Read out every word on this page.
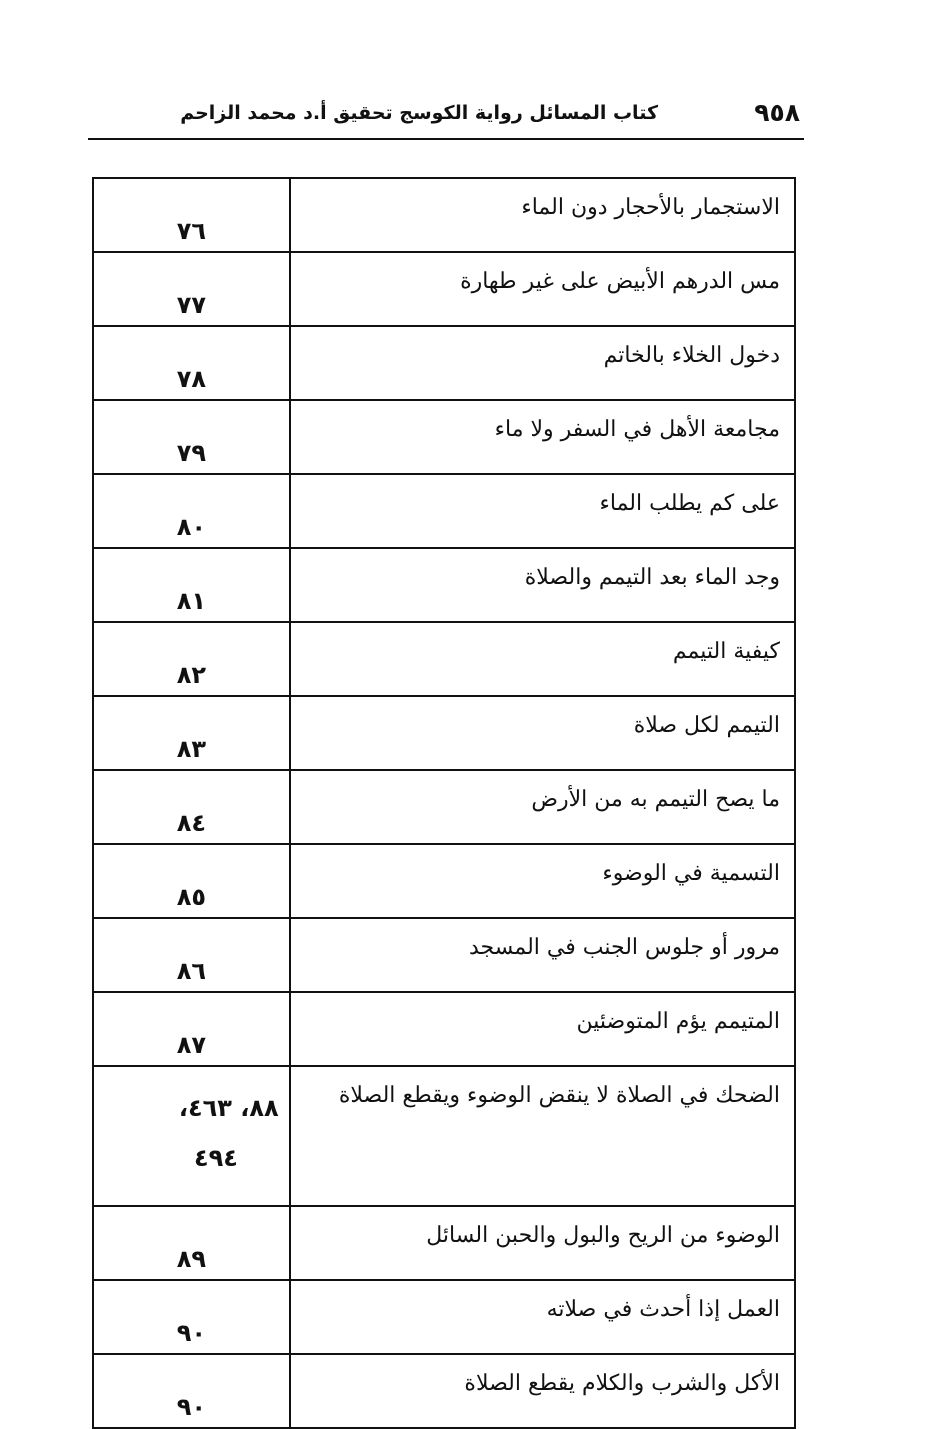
٩٥٨
كتاب المسائل رواية الكوسج تحقيق أ.د محمد الزاحم
الاستجمار بالأحجار دون الماء	٧٦
مس الدرهم الأبيض على غير طهارة	٧٧
دخول الخلاء بالخاتم	٧٨
مجامعة الأهل في السفر ولا ماء	٧٩
على كم يطلب الماء	٨٠
وجد الماء بعد التيمم والصلاة	٨١
كيفية التيمم	٨٢
التيمم لكل صلاة	٨٣
ما يصح التيمم به من الأرض	٨٤
التسمية في الوضوء	٨٥
مرور أو جلوس الجنب في المسجد	٨٦
المتيمم يؤم المتوضئين	٨٧
الضحك في الصلاة لا ينقض الوضوء ويقطع الصلاة	٨٨، ٤٦٣،
٤٩٤

الوضوء من الريح والبول والحبن السائل	٨٩
العمل إذا أحدث في صلاته	٩٠
الأكل والشرب والكلام يقطع الصلاة	٩٠
